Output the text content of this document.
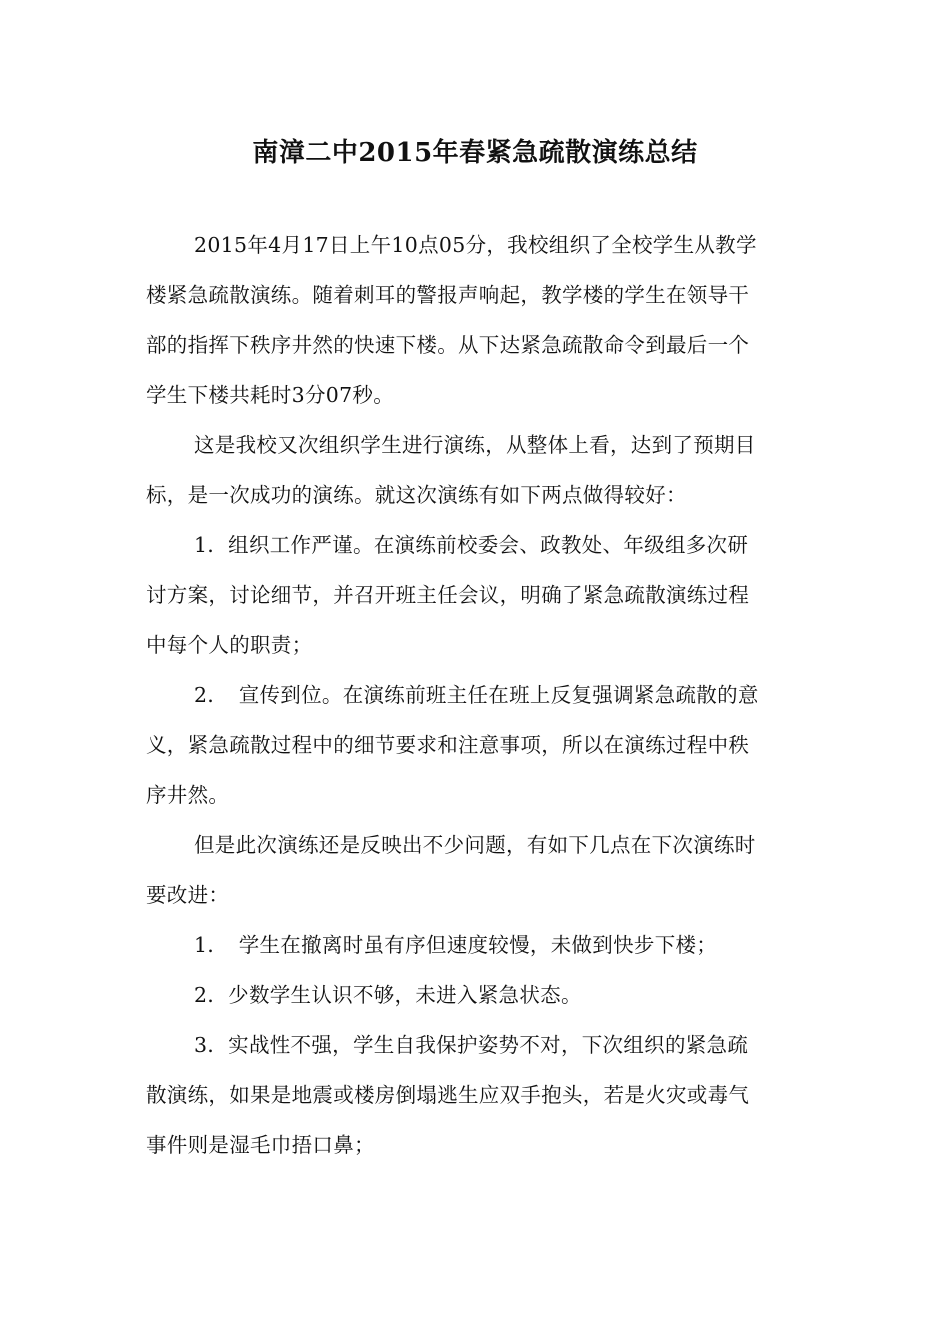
南漳二中2015年春紧急疏散演练总结
2015年4月17日上午10点05分，我校组织了全校学生从教学
楼紧急疏散演练。随着刺耳的警报声响起，教学楼的学生在领导干
部的指挥下秩序井然的快速下楼。从下达紧急疏散命令到最后一个
学生下楼共耗时3分07秒。
这是我校又次组织学生进行演练，从整体上看，达到了预期目
标，是一次成功的演练。就这次演练有如下两点做得较好：
1．组织工作严谨。在演练前校委会、政教处、年级组多次研
讨方案，讨论细节，并召开班主任会议，明确了紧急疏散演练过程
中每个人的职责；
2．　宣传到位。在演练前班主任在班上反复强调紧急疏散的意
义，紧急疏散过程中的细节要求和注意事项，所以在演练过程中秩
序井然。
但是此次演练还是反映出不少问题，有如下几点在下次演练时
要改进：
1．　学生在撤离时虽有序但速度较慢，未做到快步下楼；
2．少数学生认识不够，未进入紧急状态。
3．实战性不强，学生自我保护姿势不对，下次组织的紧急疏
散演练，如果是地震或楼房倒塌逃生应双手抱头，若是火灾或毒气
事件则是湿毛巾捂口鼻；
